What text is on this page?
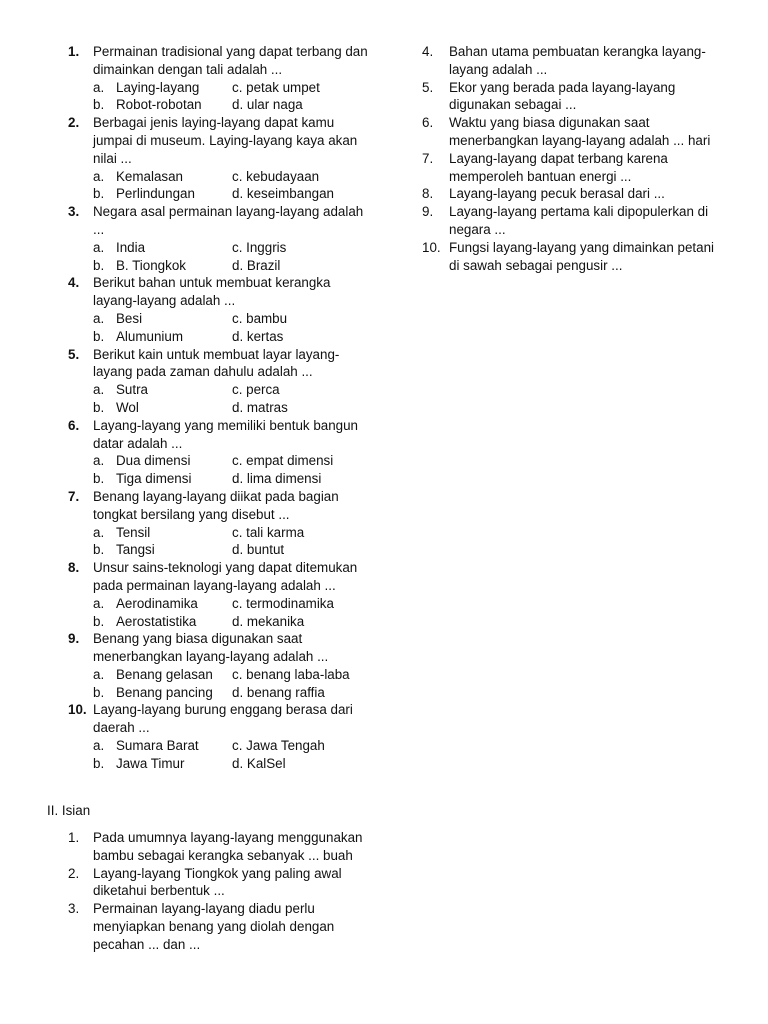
1.	Permainan tradisional yang dapat terbang dan dimainkan dengan tali adalah ...
a. Laying-layang c. petak umpet
b. Robot-robotan d. ular naga
2.	Berbagai jenis laying-layang dapat kamu jumpai di museum. Laying-layang kaya akan nilai ...
a. Kemalasan	c. kebudayaan
b. Perlindungan	d. keseimbangan
3.	Negara asal permainan layang-layang adalah ...
a. India	c. Inggris
b. B. Tiongkok	d. Brazil
4.	Berikut bahan untuk membuat kerangka layang-layang adalah ...
a. Besi	c. bambu
b. Alumunium	d. kertas
5.	Berikut kain untuk membuat layar layang-layang pada zaman dahulu adalah ...
a. Sutra	c. perca
b. Wol	d. matras
6.	Layang-layang yang memiliki bentuk bangun datar adalah ...
a. Dua dimensi	c. empat dimensi
b. Tiga dimensi	d. lima dimensi
7.	Benang layang-layang diikat pada bagian tongkat bersilang yang disebut ...
a. Tensil	c. tali karma
b. Tangsi	d. buntut
8.	Unsur sains-teknologi yang dapat ditemukan pada permainan layang-layang adalah ...
a. Aerodinamika	c. termodinamika
b. Aerostatistika	d. mekanika
9.	Benang yang biasa digunakan saat menerbangkan layang-layang adalah ...
a. Benang gelasan c. benang laba-laba
b. Benang pancing d. benang raffia
10. Layang-layang burung enggang berasa dari daerah ...
a. Sumara Barat c. Jawa Tengah
b. Jawa Timur	d. KalSel
4.	Bahan utama pembuatan kerangka layang-layang adalah ...
5.	Ekor yang berada pada layang-layang digunakan sebagai ...
6.	Waktu yang biasa digunakan saat menerbangkan layang-layang adalah ... hari
7.	Layang-layang dapat terbang karena memperoleh bantuan energi ...
8.	Layang-layang pecuk berasal dari ...
9.	Layang-layang pertama kali dipopulerkan di negara ...
10. Fungsi layang-layang yang dimainkan petani di sawah sebagai pengusir ...
II. Isian
1.	Pada umumnya layang-layang menggunakan bambu sebagai kerangka sebanyak ... buah
2.	Layang-layang Tiongkok yang paling awal diketahui berbentuk ...
3.	Permainan layang-layang diadu perlu menyiapkan benang yang diolah dengan pecahan ... dan ...
